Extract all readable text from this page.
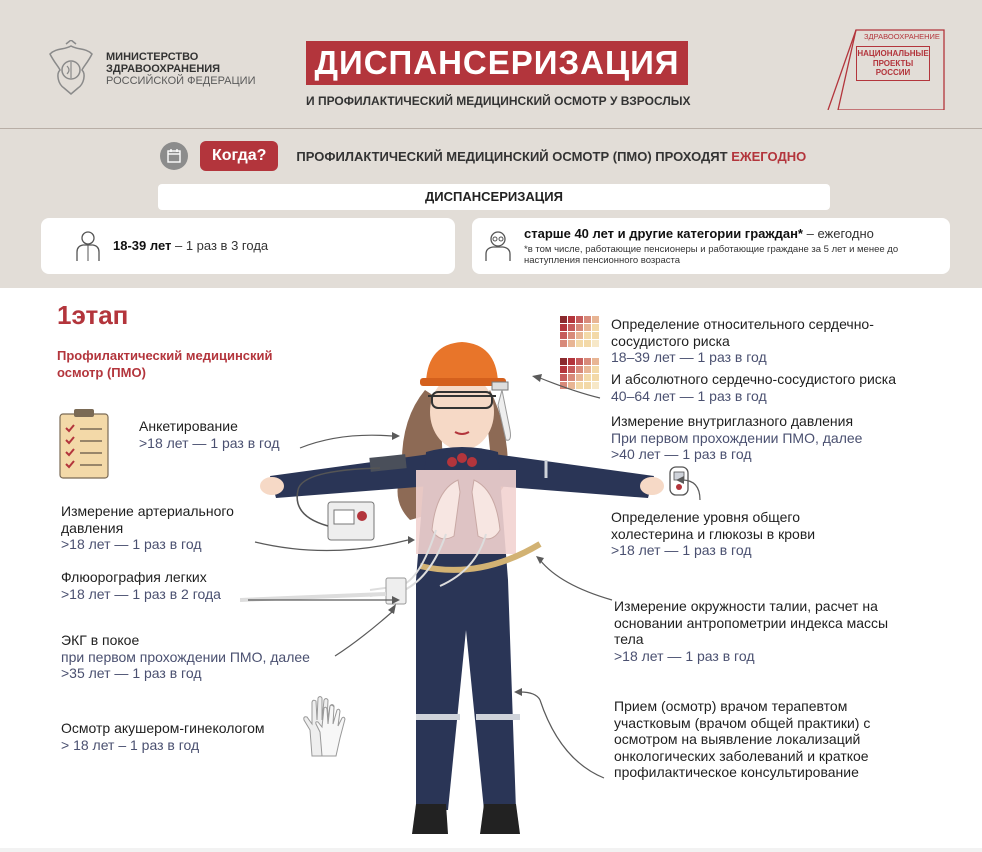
МИНИСТЕРСТВО
ЗДРАВООХРАНЕНИЯ
РОССИЙСКОЙ ФЕДЕРАЦИИ ДИСПАНСЕРИЗАЦИЯ
И ПРОФИЛАКТИЧЕСКИЙ МЕДИЦИНСКИЙ ОСМОТР У ВЗРОСЛЫХ
ЗДРАВООХРАНЕНИЕ
НАЦИОНАЛЬНЫЕ
ПРОЕКТЫ
РОССИИ
Когда?	ПРОФИЛАКТИЧЕСКИЙ МЕДИЦИНСКИЙ ОСМОТР (ПМО) ПРОХОДЯТ ЕЖЕГОДНО
ДИСПАНСЕРИЗАЦИЯ
18-39 лет – 1 раз в 3 года
старше 40 лет и другие категории граждан* – ежегодно
*в том числе, работающие пенсионеры и работающие граждане за 5 лет и менее до наступления пенсионного возраста
1этап
Профилактический медицинский осмотр (ПМО)
Анкетирование
>18 лет — 1 раз в год
Измерение артериального давления
>18 лет — 1 раз в год
Флюорография легких
>18 лет — 1 раз в 2 года
ЭКГ в покое
при первом прохождении ПМО, далее
>35 лет — 1 раз в год
Осмотр акушером-гинекологом
> 18 лет – 1 раз в год
Определение относительного сердечно-сосудистого риска
18–39 лет — 1 раз в год
И абсолютного сердечно-сосудистого риска
40–64 лет — 1 раз в год
Измерение внутриглазного давления
При первом прохождении ПМО, далее
>40 лет — 1 раз в год
Определение уровня общего холестерина и глюкозы в крови
>18 лет — 1 раз в год
Измерение окружности талии, расчет на основании антропометрии индекса массы тела
>18 лет — 1 раз в год
Прием (осмотр) врачом терапевтом участковым (врачом общей практики) с осмотром на выявление локализаций онкологических заболеваний и краткое профилактическое консультирование
